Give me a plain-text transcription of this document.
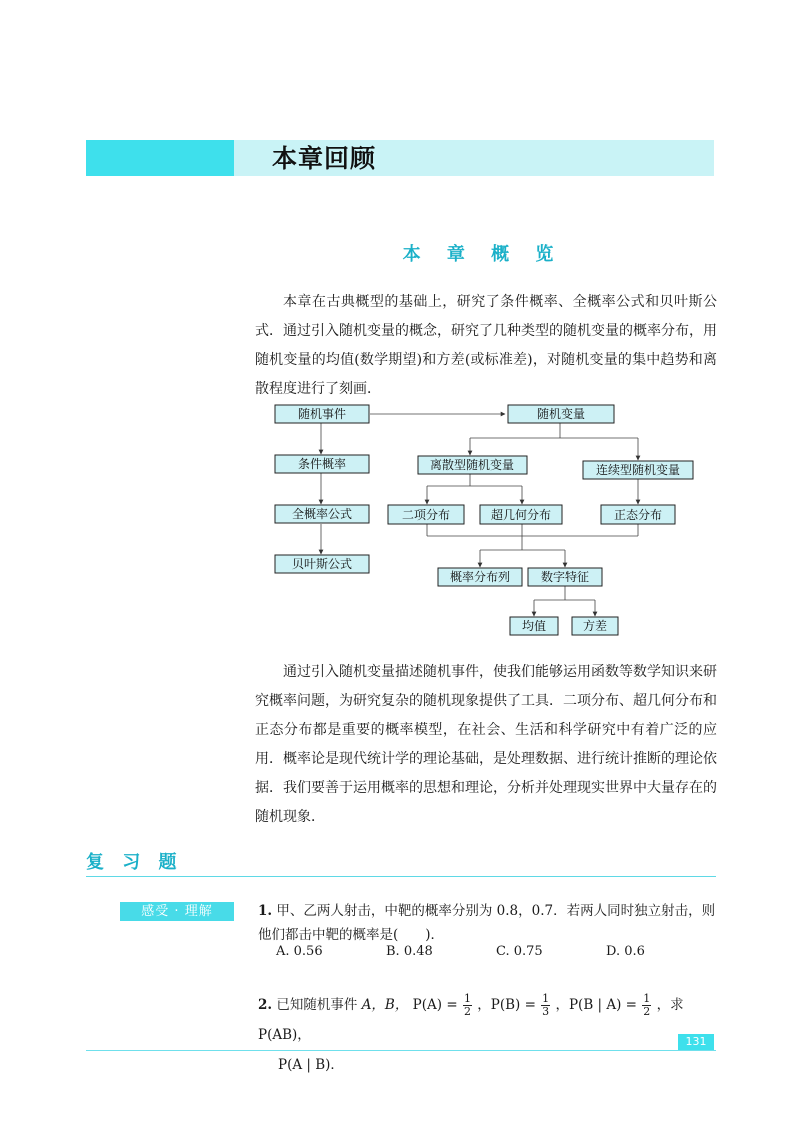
本章回顾
本 章 概 览
本章在古典概型的基础上，研究了条件概率、全概率公式和贝叶斯公式．通过引入随机变量的概念，研究了几种类型的随机变量的概率分布，用随机变量的均值(数学期望)和方差(或标准差)，对随机变量的集中趋势和离散程度进行了刻画．
随机事件
条件概率
全概率公式
贝叶斯公式
随机变量
离散型随机变量	连续型随机变量
二项分布	超几何分布	正态分布
概率分布列	数字特征
均值	方差
通过引入随机变量描述随机事件，使我们能够运用函数等数学知识来研究概率问题，为研究复杂的随机现象提供了工具．二项分布、超几何分布和正态分布都是重要的概率模型，在社会、生活和科学研究中有着广泛的应用． 概率论是现代统计学的理论基础，是处理数据、进行统计推断的理论依据．我们要善于运用概率的思想和理论，分析并处理现实世界中大量存在的随机现象．
复 习 题
感受 · 理解	1. 甲、乙两人射击，中靶的概率分别为 0.8，0.7．若两人同时独立射击，则他们都击中靶的概率是(　　)．
A. 0.56	B. 0.48	C. 0.75	D. 0.6
2. 已知随机事件 A，B， $P(A) = \frac{1}{2}$ ，$P(B) = \frac{1}{3}$ ，P(B | $A) = \frac{1}{2}$ ，求 P(AB)，
P(A | B)．
131
